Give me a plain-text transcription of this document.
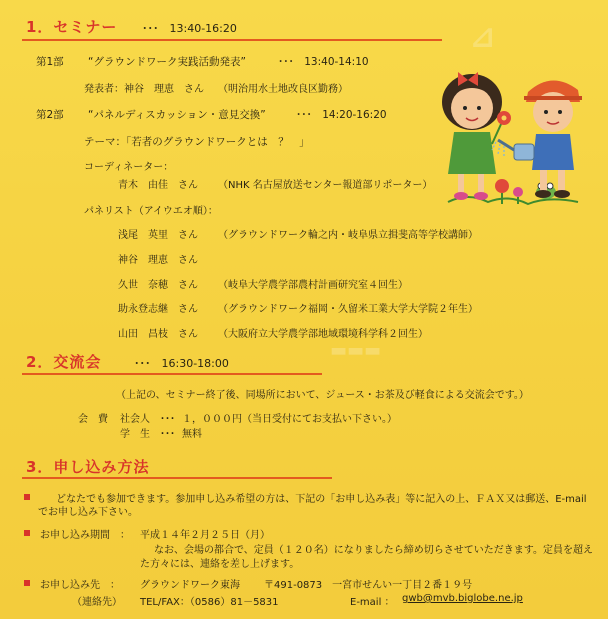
⊿
▬▬▬
1．セミナー ･･･　13:40-16:20
第1部 “グラウンドワーク実践活動発表”	･･･　13:40-14:10
発表者： 神谷　理恵　さん （明治用水土地改良区勤務）
第2部 “パネルディスカッション・意見交換”	･･･　14:20-16:20
テーマ：「若者のグラウンドワークとは　？　」
コーディネーター：
青木　由佳　さん （NHK 名古屋放送センター報道部リポーター）
パネリスト（アイウエオ順）：
浅尾　英里　さん （グラウンドワーク輪之内・岐阜県立揖斐高等学校講師）
神谷　理恵　さん
久世　奈穂　さん （岐阜大学農学部農村計画研究室４回生）
助永登志継　さん （グラウンドワーク福岡・久留米工業大学大学院２年生）
山田　昌枝　さん （大阪府立大学農学部地域環境科学科２回生）
2．交流会	･･･　16:30-18:00
（上記の、セミナー終了後、同場所において、ジュース・お茶及び軽食による交流会です。）
会　費 社会人　･･･ １，０００円（当日受付にてお支払い下さい。）
学　生　･･･ 無料
3．申し込み方法
どなたでも参加できます。参加申し込み希望の方は、下記の「お申し込み表」等に記入の上、ＦＡＸ又は郵送、E-mail
でお申し込み下さい。
お申し込み期間　： 平成１４年２月２５日（月）
なお、会場の都合で、定員（１２０名）になりましたら締め切らさせていただきます。定員を超え
た方々には、連絡を差し上げます。
お申し込み先　： グラウンドワーク東海 〒491-0873　一宮市せんい一丁目２番１９号
（連絡先） TEL/FAX：（0586）81－5831	E-mail ： gwb@mvb.biglobe.ne.jp
